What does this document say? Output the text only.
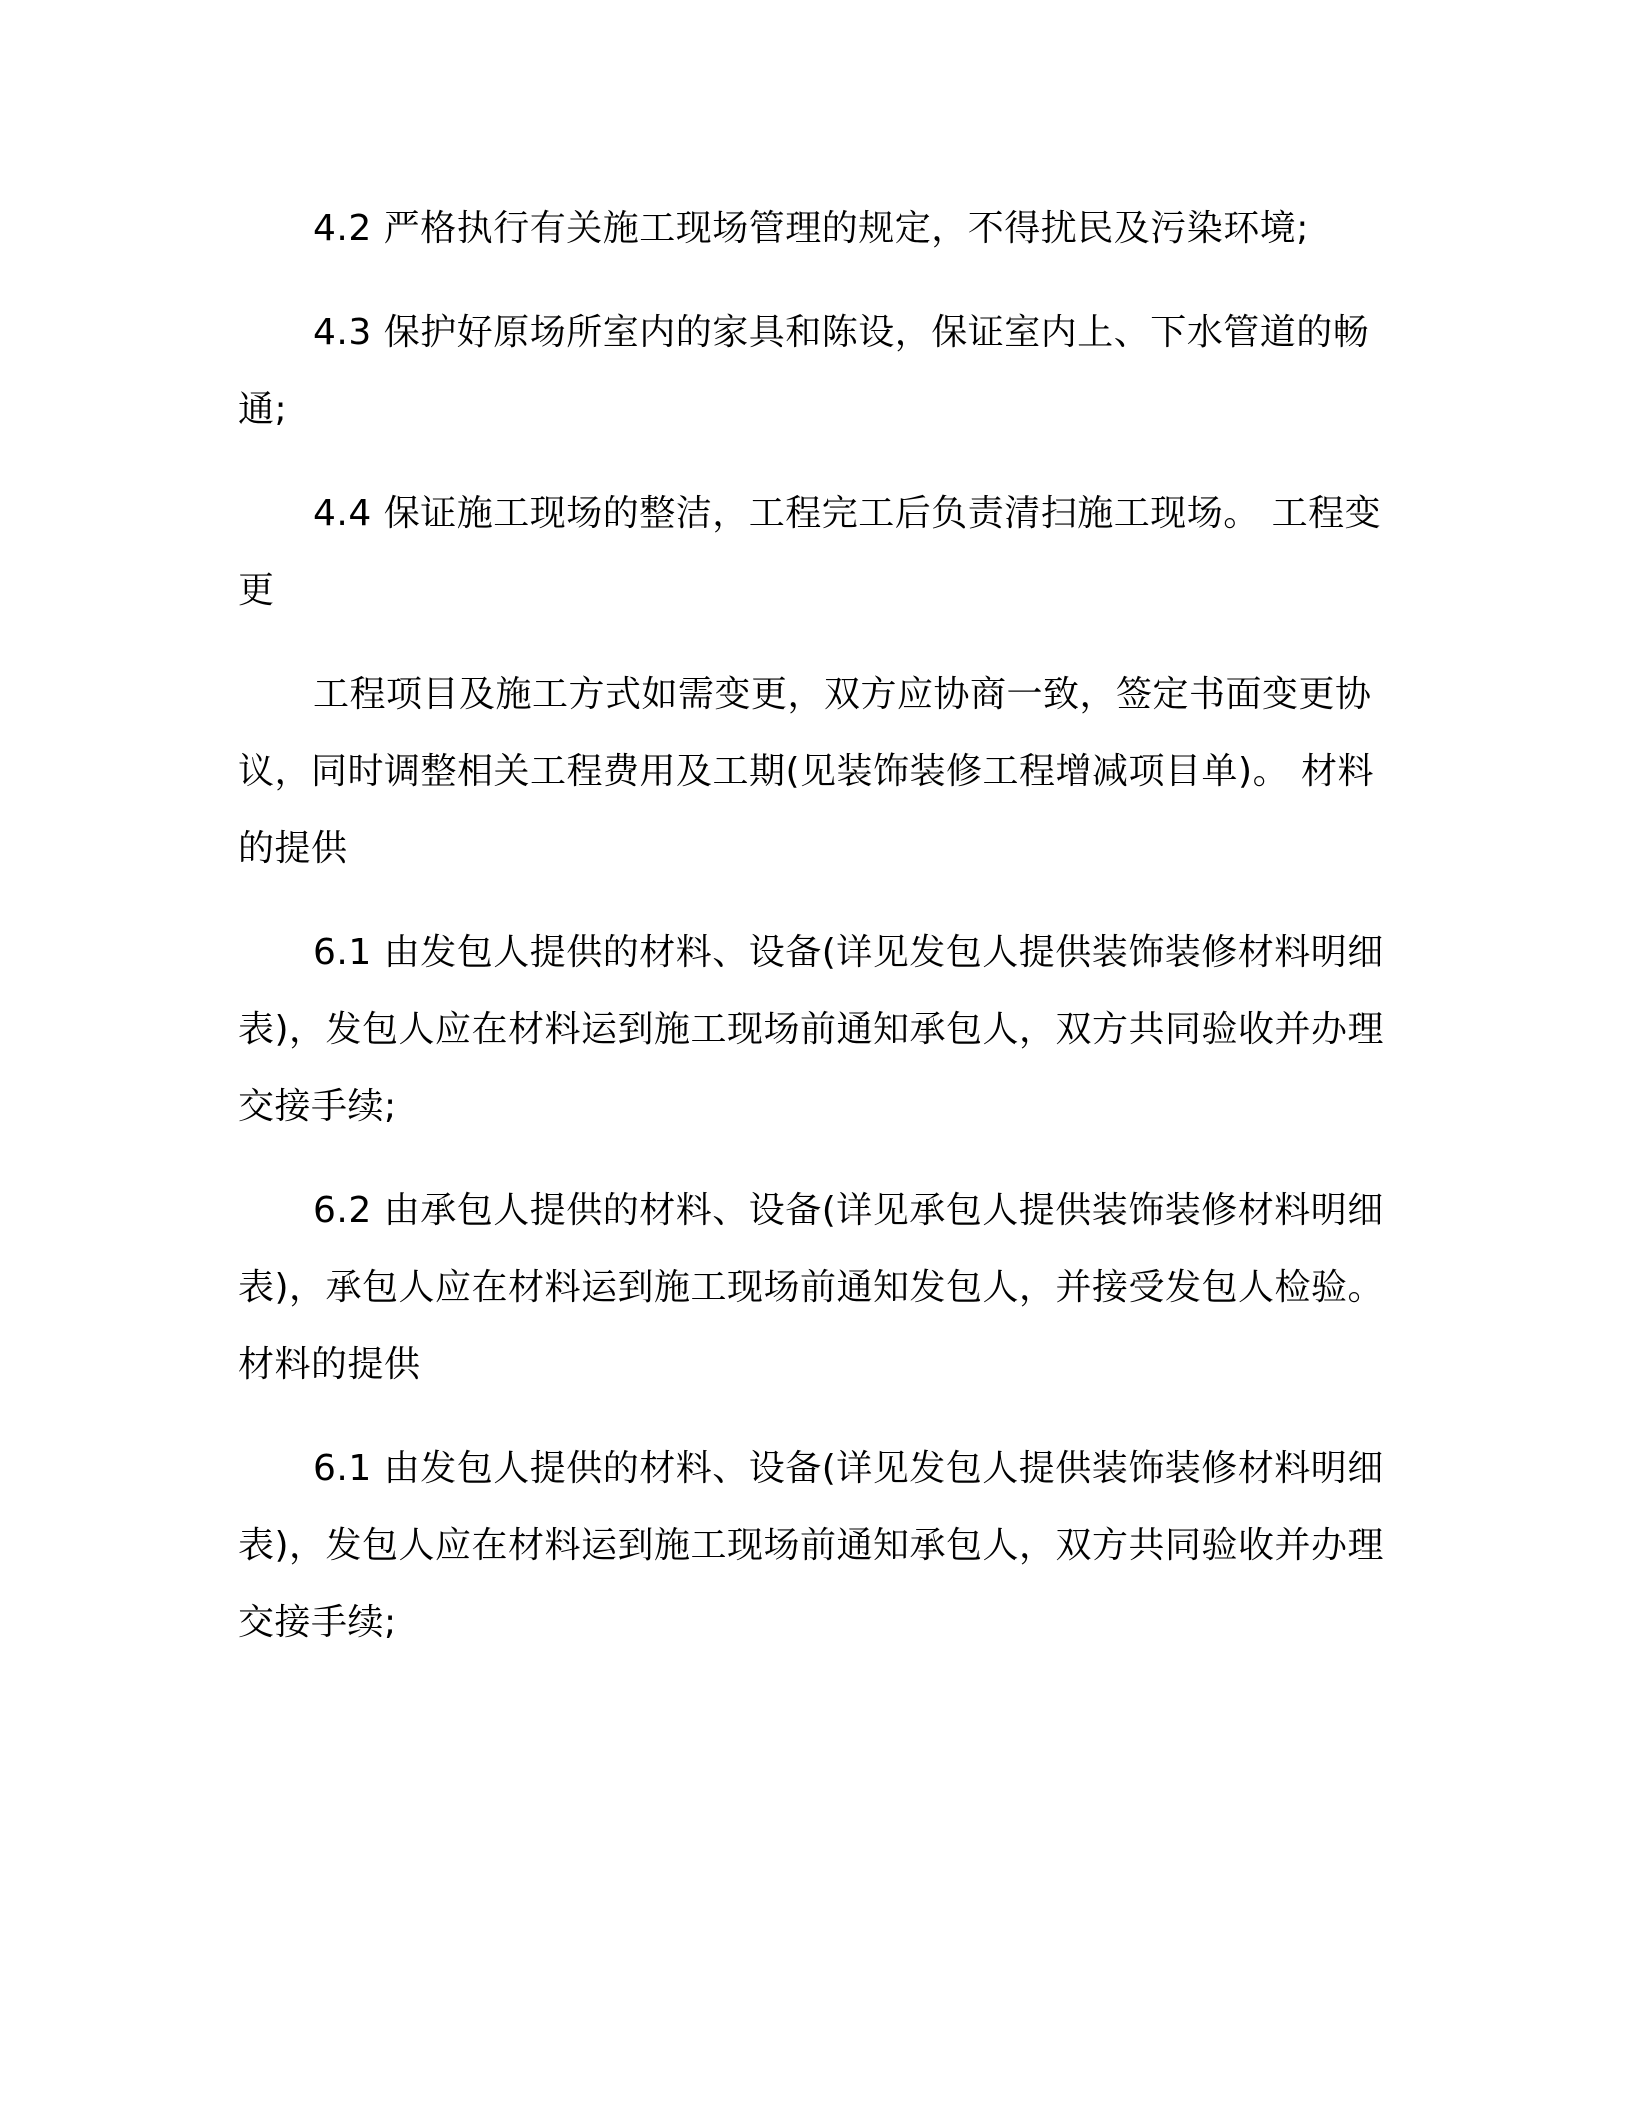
4.2 严格执行有关施工现场管理的规定，不得扰民及污染环境;

4.3 保护好原场所室内的家具和陈设，保证室内上、下水管道的畅通;

4.4 保证施工现场的整洁，工程完工后负责清扫施工现场。 工程变更

工程项目及施工方式如需变更，双方应协商一致，签定书面变更协议，同时调整相关工程费用及工期(见装饰装修工程增减项目单)。 材料的提供

6.1 由发包人提供的材料、设备(详见发包人提供装饰装修材料明细表)，发包人应在材料运到施工现场前通知承包人，双方共同验收并办理交接手续;

6.2 由承包人提供的材料、设备(详见承包人提供装饰装修材料明细表)，承包人应在材料运到施工现场前通知发包人，并接受发包人检验。 材料的提供

6.1 由发包人提供的材料、设备(详见发包人提供装饰装修材料明细表)，发包人应在材料运到施工现场前通知承包人，双方共同验收并办理交接手续;
